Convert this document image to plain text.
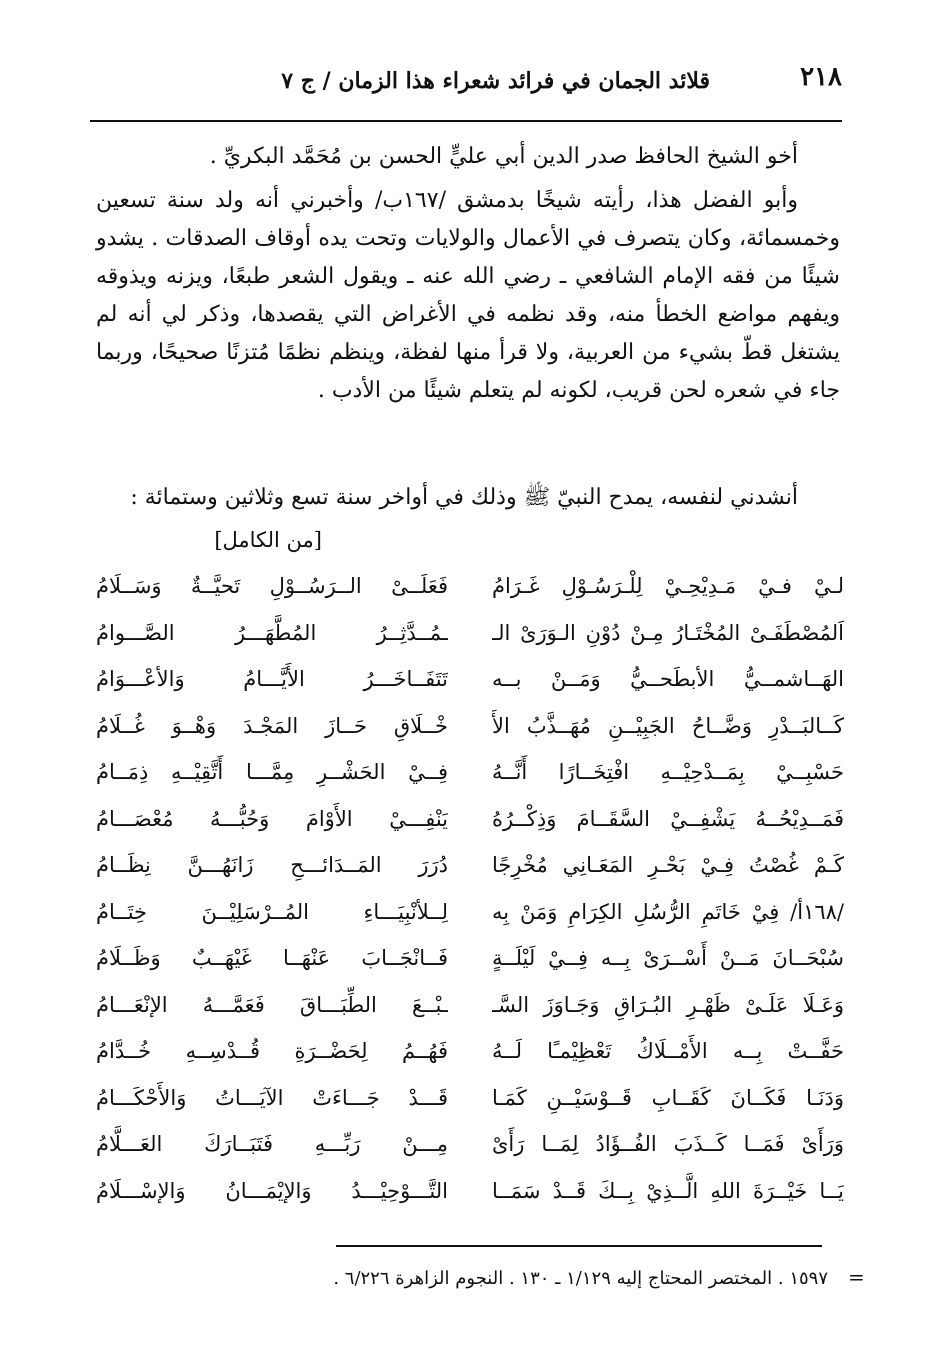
٢١٨
قلائد الجمان في فرائد شعراء هذا الزمان / ج ٧

أخو الشيخ الحافظ صدر الدين أبي عليٍّ الحسن بن مُحَمَّد البكريِّ .

وأبو الفضل هذا، رأيته شيخًا بدمشق /١٦٧ب/ وأخبرني أنه ولد سنة تسعين وخمسمائة، وكان يتصرف في الأعمال والولايات وتحت يده أوقاف الصدقات . يشدو شيئًا من فقه الإمام الشافعي ـ رضي الله عنه ـ ويقول الشعر طبعًا، ويزنه ويذوقه ويفهم مواضع الخطأ منه، وقد نظمه في الأغراض التي يقصدها، وذكر لي أنه لم يشتغل قطّ بشيء من العربية، ولا قرأ منها لفظة، وينظم نظمًا مُتزنًا صحيحًا، وربما جاء في شعره لحن قريب، لكونه لم يتعلم شيئًا من الأدب .

أنشدني لنفسه، يمدح النبيّ ﷺ وذلك في أواخر سنة تسع وثلاثين وستمائة :

[من الكامل]
لـيْ فـيْ مَـدِيْحِـيْ لِلْـرَسُـوْلِ غَـرَامُ
فَعَلَــىْ الــرَسُــوْلِ تَحيَّــةٌ وَسَــلَامُ
اَلمُصْطَفَـىْ المُخْتَـارُ مِـنْ دُوْنِ الـوَرَىْ الـ
ـمُــدَّثِــرُ المُطَّهَـــرُ الصَّـــوامُ
الهَــاشمــيُّ الأبطَحــيُّ وَمَــنْ بــه
تَتَفَــاخَـــرُ الأَيَّـــامُ وَالأعْـــوَامُ
كَــالبَــدْرِ وَضَّــاحُ الجَبِيْــنِ مُهَــذَّبُ الأَ
خْــلَاقِ حَــازَ المَجْـدَ وَهْــوَ غُــلَامُ
حَسْبِــيْ بِمَــدْحِيْــهِ افْتِخَــارًا أَنَّــهُ
فِــيْ الحَشْــرِ مِمَّـــا أَتَّقِيْــهِ ذِمَــامُ
فَمَــدِيْحُــهُ يَشْفِــيْ السَّقَــامَ وَذِكْــرُهُ
يَنْفِـــيْ الأَوْامَ وَحُبُّـــهُ مُعْصَـــامُ
كَـمْ غُصْتُ فِـيْ بَحْـرِ المَعَـانِي مُخْرِجًا
دُرَرَ المَــدَائـــحِ زَانَهُـــنَّ نِظَــامُ
/١٦٨أ/ فِيْ خَاتَمِ الرُّسُلِ الكِرَامِ وَمَنْ بِه
لِــلأنْبِيَـــاءِ المُــرْسَلِيْــنَ خِتَــامُ
سُبْحَــانَ مَــنْ أَسْــرَىْ بِــه فِــيْ لَيْلَــةٍ
فَــانْجَــابَ عَنْهَــا غَيْهَــبٌ وَظَــلَامُ
وَعَـلَا عَلَـىْ ظَهْـرِ البُـرَاقِ وَجَـاوَزَ السَّـ
ـبْــعَ الطِّبَـــاقَ فَعَمَّـــهُ الإنْعَـــامُ
حَفَّــتْ بِــه الأَمْــلَاكُ تَعْظِيْمـًا لَــهُ
فَهُــمُ لِحَضْــرَةِ قُــدْسِــهِ خُــدَّامُ
وَدَنَـا فَكَــانَ كَقَــابِ قَــوْسَيْــنِ كَمَـا
قَـــدْ جَـــاءَتْ الآيَـــاتُ وَالأَحْكَـــامُ
وَرَأَىْ فَمَــا كَــذَبَ الفُــؤَادُ لِمَــا رَأَىْ
مِـــنْ رَبِّـــهِ فَتَبَــارَكَ العَـــلَّامُ
يَــا خَيْــرَةَ اللهِ الَّــذِيْ بِــكَ قَــدْ سَمَــا
التَّـــوْحِيْـــدُ وَالإيْمَـــانُ وَالإسْـــلَامُ
١٥٩٧ . المختصر المحتاج إليه ١/١٢٩ ـ ١٣٠ . النجوم الزاهرة ٦/٢٢٦ . =
